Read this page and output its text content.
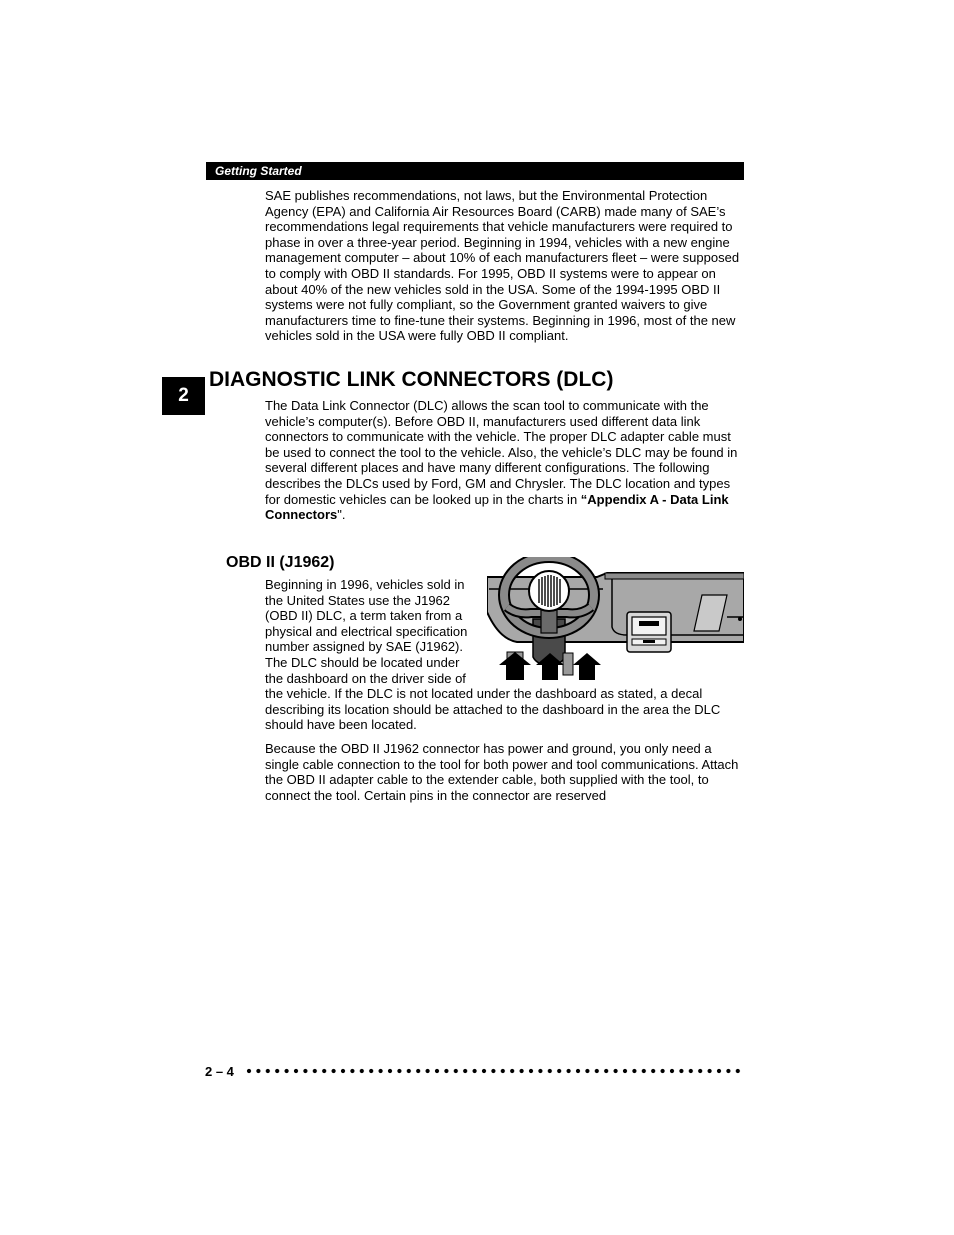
Getting Started

SAE publishes recommendations, not laws, but the Environmental Protection Agency (EPA) and California Air Resources Board (CARB) made many of SAE’s recommendations legal requirements that vehicle manufacturers were required to phase in over a three-year period. Beginning in 1994, vehicles with a new engine management computer – about 10% of each manufacturers fleet – were supposed to comply with OBD II standards. For 1995, OBD II systems were to appear on about 40% of the new vehicles sold in the USA. Some of the 1994-1995 OBD II systems were not fully compliant, so the Government granted waivers to give manufacturers time to fine-tune their systems. Beginning in 1996, most of the new vehicles sold in the USA were fully OBD II compliant.

2
DIAGNOSTIC LINK CONNECTORS (DLC)

The Data Link Connector (DLC) allows the scan tool to communicate with the vehicle’s computer(s). Before OBD II, manufacturers used different data link connectors to communicate with the vehicle. The proper DLC adapter cable must be used to connect the tool to the vehicle. Also, the vehicle’s DLC may be found in several different places and have many different configurations. The following describes the DLCs used by Ford, GM and Chrysler. The DLC location and types for domestic vehicles can be looked up in the charts in “Appendix A - Data Link Connectors".

OBD II (J1962)

Beginning in 1996, vehicles sold in the United States use the J1962 (OBD II) DLC, a term taken from a physical and electrical specification number assigned by SAE (J1962). The DLC should be located under the dashboard on the driver side of the vehicle. If the DLC is not located under the dashboard as stated, a decal describing its location should be attached to the dashboard in the area the DLC should have been located.

Because the OBD II J1962 connector has power and ground, you only need a single cable connection to the tool for both power and tool communications. Attach the OBD II adapter cable to the extender cable, both supplied with the tool, to connect the tool. Certain pins in the connector are reserved

2 – 4
